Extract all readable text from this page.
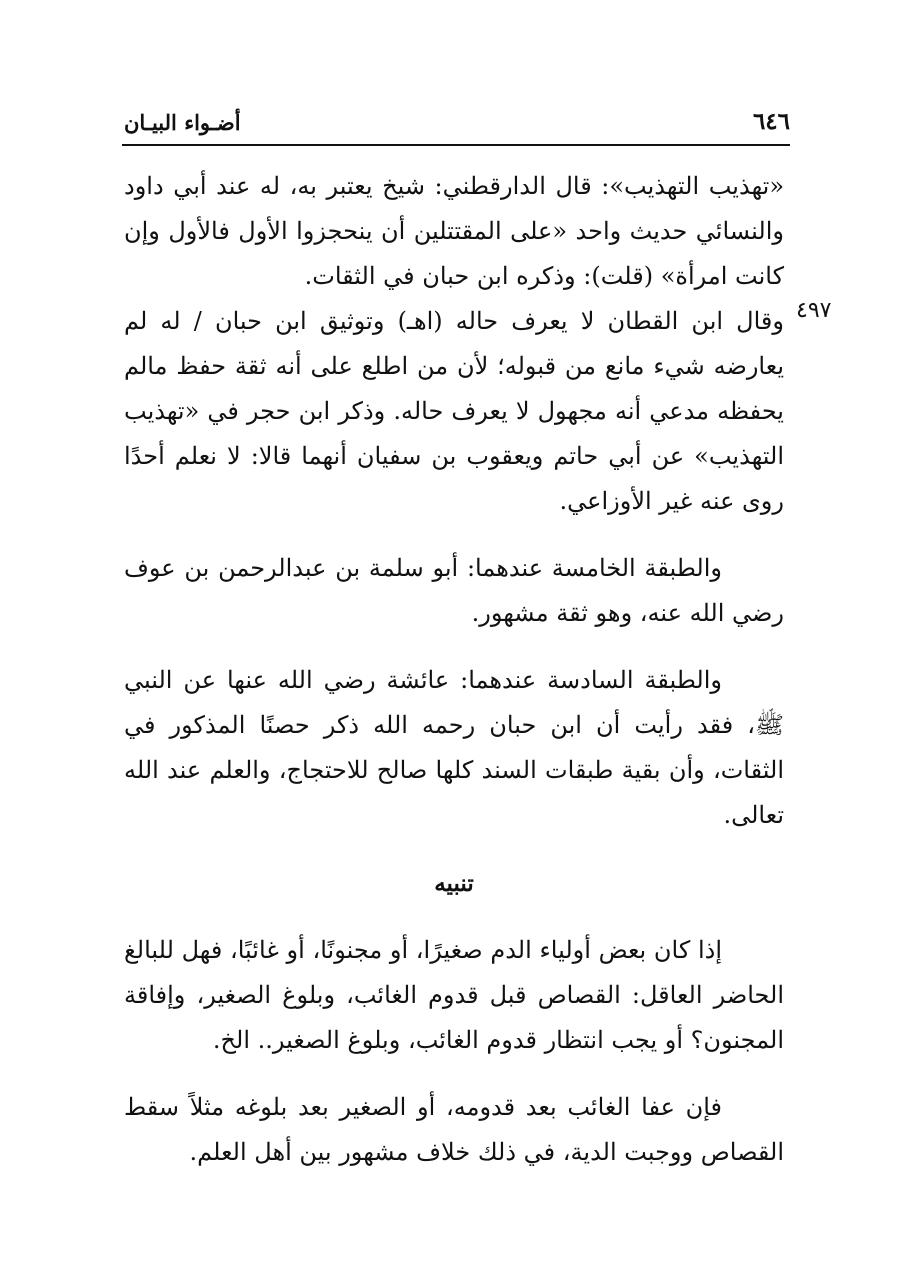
٦٤٦
أضـواء البيـان
٤٩٧

«تهذيب التهذيب»: قال الدارقطني: شيخ يعتبر به، له عند أبي داود والنسائي حديث واحد «على المقتتلين أن ينحجزوا الأول فالأول وإن كانت امرأة» (قلت): وذكره ابن حبان في الثقات.

وقال ابن القطان لا يعرف حاله (اهـ) وتوثيق ابن حبان / له لم يعارضه شيء مانع من قبوله؛ لأن من اطلع على أنه ثقة حفظ مالم يحفظه مدعي أنه مجهول لا يعرف حاله. وذكر ابن حجر في «تهذيب التهذيب» عن أبي حاتم ويعقوب بن سفيان أنهما قالا: لا نعلم أحدًا روى عنه غير الأوزاعي.

والطبقة الخامسة عندهما: أبو سلمة بن عبدالرحمن بن عوف رضي الله عنه، وهو ثقة مشهور.

والطبقة السادسة عندهما: عائشة رضي الله عنها عن النبي ﷺ، فقد رأيت أن ابن حبان رحمه الله ذكر حصنًا المذكور في الثقات، وأن بقية طبقات السند كلها صالح للاحتجاج، والعلم عند الله تعالى.

تنبيه

إذا كان بعض أولياء الدم صغيرًا، أو مجنونًا، أو غائبًا، فهل للبالغ الحاضر العاقل: القصاص قبل قدوم الغائب، وبلوغ الصغير، وإفاقة المجنون؟ أو يجب انتظار قدوم الغائب، وبلوغ الصغير.. الخ.

فإن عفا الغائب بعد قدومه، أو الصغير بعد بلوغه مثلاً سقط القصاص ووجبت الدية، في ذلك خلاف مشهور بين أهل العلم.
